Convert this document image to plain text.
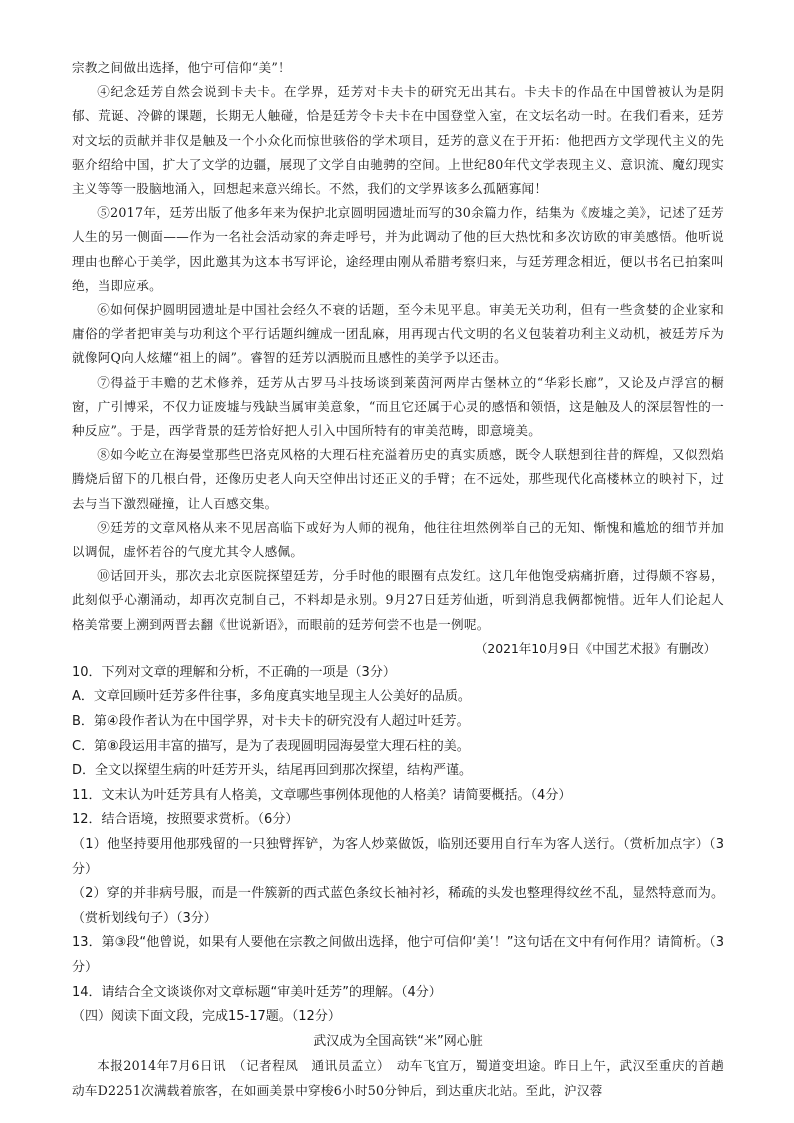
宗教之间做出选择，他宁可信仰“美”！

④纪念廷芳自然会说到卡夫卡。在学界，廷芳对卡夫卡的研究无出其右。卡夫卡的作品在中国曾被认为是阴郁、荒诞、冷僻的课题，长期无人触碰，恰是廷芳令卡夫卡在中国登堂入室，在文坛名动一时。在我们看来，廷芳对文坛的贡献并非仅是触及一个小众化而惊世骇俗的学术项目，廷芳的意义在于开拓：他把西方文学现代主义的先驱介绍给中国，扩大了文学的边疆，展现了文学自由驰骋的空间。上世纪80年代文学表现主义、意识流、魔幻现实主义等等一股脑地涌入，回想起来意兴绵长。不然，我们的文学界该多么孤陋寡闻！

⑤2017年，廷芳出版了他多年来为保护北京圆明园遗址而写的30余篇力作，结集为《废墟之美》，记述了廷芳人生的另一侧面——作为一名社会活动家的奔走呼号，并为此调动了他的巨大热忱和多次访欧的审美感悟。他听说理由也醉心于美学，因此邀其为这本书写评论，途经理由刚从希腊考察归来，与廷芳理念相近，便以书名已拍案叫绝，当即应承。

⑥如何保护圆明园遗址是中国社会经久不衰的话题，至今未见平息。审美无关功利，但有一些贪婪的企业家和庸俗的学者把审美与功利这个平行话题纠缠成一团乱麻，用再现古代文明的名义包装着功利主义动机，被廷芳斥为就像阿Q向人炫耀“祖上的阔”。睿智的廷芳以洒脱而且感性的美学予以还击。

⑦得益于丰赡的艺术修养，廷芳从古罗马斗技场谈到莱茵河两岸古堡林立的“华彩长廊”，又论及卢浮宫的橱窗，广引博采，不仅力证废墟与残缺当属审美意象，“而且它还属于心灵的感悟和领悟，这是触及人的深层智性的一种反应”。于是，西学背景的廷芳恰好把人引入中国所特有的审美范畴，即意境美。

⑧如今屹立在海晏堂那些巴洛克风格的大理石柱充溢着历史的真实质感，既令人联想到往昔的辉煌，又似烈焰腾烧后留下的几根白骨，还像历史老人向天空伸出讨还正义的手臂；在不远处，那些现代化高楼林立的映衬下，过去与当下激烈碰撞，让人百感交集。

⑨廷芳的文章风格从来不见居高临下或好为人师的视角，他往往坦然例举自己的无知、惭愧和尴尬的细节并加以调侃，虚怀若谷的气度尤其令人感佩。

⑩话回开头，那次去北京医院探望廷芳，分手时他的眼圈有点发红。这几年他饱受病痛折磨，过得颇不容易，此刻似乎心潮涌动，却再次克制自己，不料却是永别。9月27日廷芳仙逝，听到消息我俩都惋惜。近年人们论起人格美常要上溯到两晋去翻《世说新语》，而眼前的廷芳何尝不也是一例呢。

（2021年10月9日《中国艺术报》有删改）

10．下列对文章的理解和分析，不正确的一项是（3分）

A．文章回顾叶廷芳多件往事，多角度真实地呈现主人公美好的品质。

B．第④段作者认为在中国学界，对卡夫卡的研究没有人超过叶廷芳。

C．第⑧段运用丰富的描写，是为了表现圆明园海晏堂大理石柱的美。

D．全文以探望生病的叶廷芳开头，结尾再回到那次探望，结构严谨。

11．文末认为叶廷芳具有人格美，文章哪些事例体现他的人格美？请简要概括。（4分）

12．结合语境，按照要求赏析。（6分）

（1）他坚持要用他那残留的一只独臂挥铲，为客人炒菜做饭，临别还要用自行车为客人送行。（赏析加点字）（3分）

（2）穿的并非病号服，而是一件簇新的西式蓝色条纹长袖衬衫，稀疏的头发也整理得纹丝不乱，显然特意而为。（赏析划线句子）（3分）

13．第③段“他曾说，如果有人要他在宗教之间做出选择，他宁可信仰‘美’！”这句话在文中有何作用？请简析。（3分）

14．请结合全文谈谈你对文章标题“审美叶廷芳”的理解。（4分）

（四）阅读下面文段，完成15-17题。（12分）

武汉成为全国高铁“米”网心脏

本报2014年7月6日讯　（记者程凤　通讯员孟立）　动车飞宜万，蜀道变坦途。昨日上午，武汉至重庆的首趟动车D2251次满载着旅客，在如画美景中穿梭6小时50分钟后，到达重庆北站。至此，沪汉蓉
